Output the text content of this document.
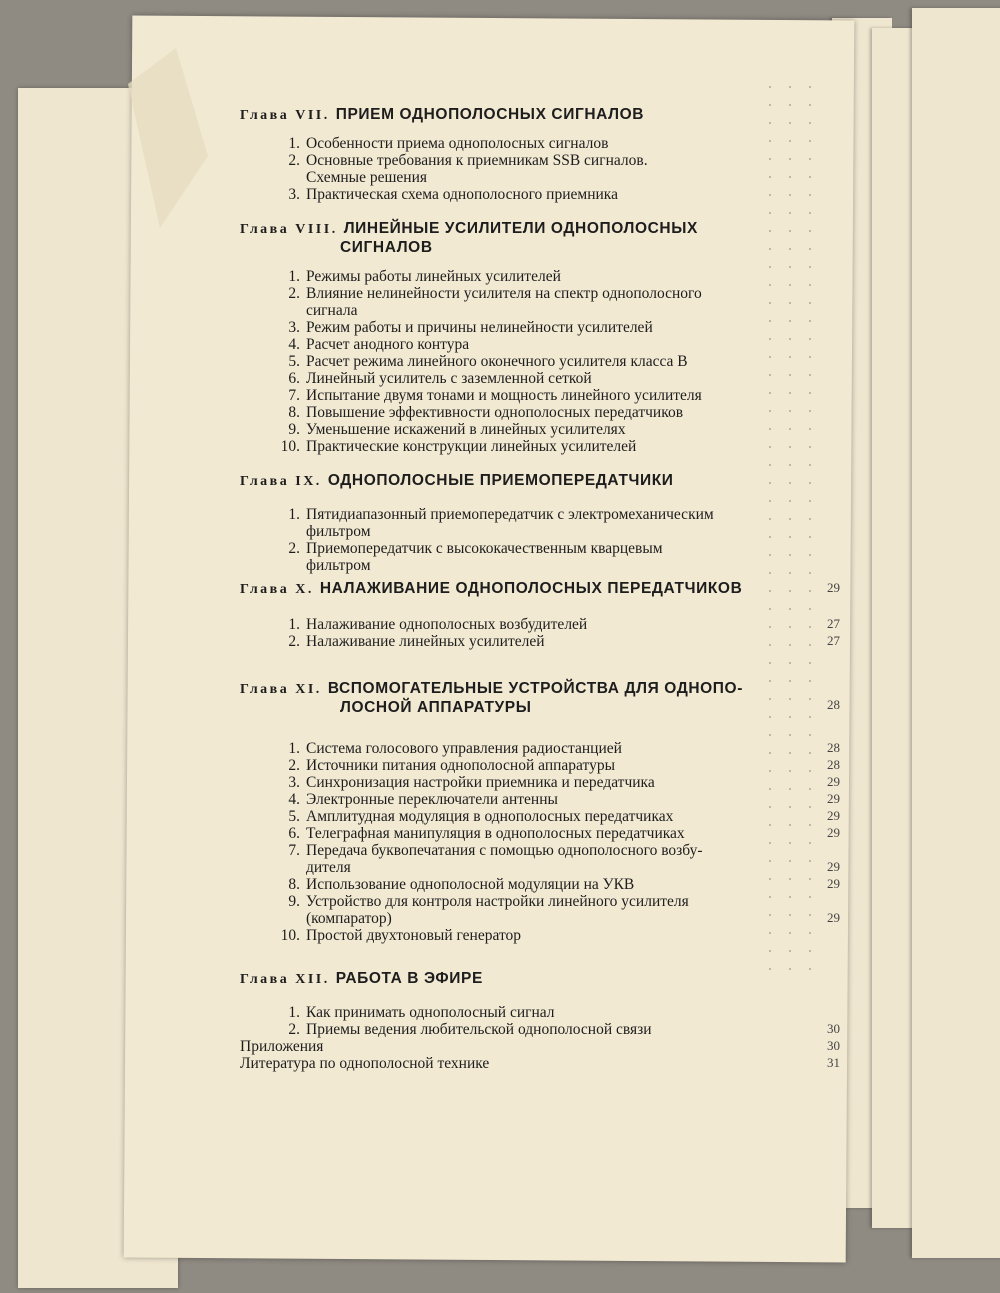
Глава VII. ПРИЕМ ОДНОПОЛОСНЫХ СИГНАЛОВ
1. Особенности приема однополосных сигналов
2. Основные требования к приемникам SSB сигналов.
Схемные решения
3. Практическая схема однополосного приемника
Глава VIII. ЛИНЕЙНЫЕ УСИЛИТЕЛИ ОДНОПОЛОСНЫХ
СИГНАЛОВ
1. Режимы работы линейных усилителей
2. Влияние нелинейности усилителя на спектр однополосного
сигнала
3. Режим работы и причины нелинейности усилителей
4. Расчет анодного контура
5. Расчет режима линейного оконечного усилителя класса В
6. Линейный усилитель с заземленной сеткой
7. Испытание двумя тонами и мощность линейного усилителя
8. Повышение эффективности однополосных передатчиков
9. Уменьшение искажений в линейных усилителях
10. Практические конструкции линейных усилителей
Глава IX. ОДНОПОЛОСНЫЕ ПРИЕМОПЕРЕДАТЧИКИ
1. Пятидиапазонный приемопередатчик с электромеханическим
фильтром
2. Приемопередатчик с высококачественным кварцевым
фильтром
Глава X. НАЛАЖИВАНИЕ ОДНОПОЛОСНЫХ ПЕРЕДАТЧИКОВ
1. Налаживание однополосных возбудителей
2. Налаживание линейных усилителей
Глава XI. ВСПОМОГАТЕЛЬНЫЕ УСТРОЙСТВА ДЛЯ ОДНОПО-
ЛОСНОЙ АППАРАТУРЫ
1. Система голосового управления радиостанцией
2. Источники питания однополосной аппаратуры
3. Синхронизация настройки приемника и передатчика
4. Электронные переключатели антенны
5. Амплитудная модуляция в однополосных передатчиках
6. Телеграфная манипуляция в однополосных передатчиках
7. Передача буквопечатания с помощью однополосного возбу-
дителя
8. Использование однополосной модуляции на УКВ
9. Устройство для контроля настройки линейного усилителя
(компаратор)
10. Простой двухтоновый генератор
Глава XII. РАБОТА В ЭФИРЕ
1. Как принимать однополосный сигнал
2. Приемы ведения любительской однополосной связи
Приложения
Литература по однополосной технике
29
27
27
28
28
28
29
29
29
29
29
29
29
30
30
31
